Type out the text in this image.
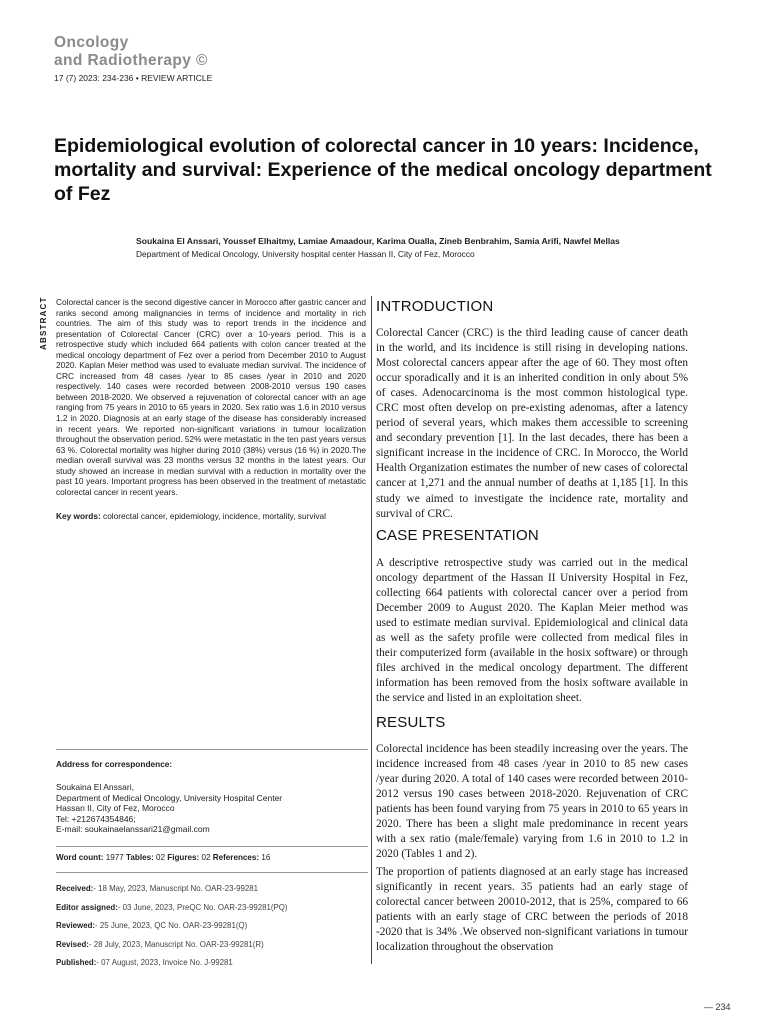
Oncology
and Radiotherapy ©
17 (7) 2023: 234-236 • REVIEW ARTICLE
Epidemiological evolution of colorectal cancer in 10 years: Incidence, mortality and survival: Experience of the medical oncology department of Fez
Soukaina El Anssari, Youssef Elhaitmy, Lamiae Amaadour, Karima Oualla, Zineb Benbrahim, Samia Arifi, Nawfel Mellas
Department of Medical Oncology, University hospital center Hassan II, City of Fez, Morocco
ABSTRACT Colorectal cancer is the second digestive cancer in Morocco after gastric cancer and ranks second among malignancies in terms of incidence and mortality in rich countries. The aim of this study was to report trends in the incidence and presentation of Colorectal Cancer (CRC) over a 10-years period. This is a retrospective study which included 664 patients with colon cancer treated at the medical oncology department of Fez over a period from December 2010 to August 2020. Kaplan Meier method was used to evaluate median survival. The incidence of CRC increased from 48 cases /year to 85 cases /year in 2010 and 2020 respectively. 140 cases were recorded between 2008-2010 versus 190 cases between 2018-2020. We observed a rejuvenation of colorectal cancer with an age ranging from 75 years in 2010 to 65 years in 2020. Sex ratio was 1.6 in 2010 versus 1.2 in 2020. Diagnosis at an early stage of the disease has considerably increased in recent years. We reported non-significant variations in tumour localization throughout the observation period. 52% were metastatic in the ten past years versus 63 %. Colorectal mortality was higher during 2010 (38%) versus (16 %) in 2020.The median overall survival was 23 months versus 32 months in the latest years. Our study showed an increase in median survival with a reduction in mortality over the past 10 years. Important progress has been observed in the treatment of metastatic colorectal cancer in recent years.

Key words: colorectal cancer, epidemiology, incidence, mortality, survival
Address for correspondence:
Soukaina El Anssari,
Department of Medical Oncology, University Hospital Center
Hassan II, City of Fez, Morocco
Tel: +212674354846;
E-mail: soukainaelanssari21@gmail.com
Word count: 1977 Tables: 02 Figures: 02 References: 16
Received:- 18 May, 2023, Manuscript No. OAR-23-99281
Editor assigned:- 03 June, 2023, PreQC No. OAR-23-99281(PQ)
Reviewed:- 25 June, 2023, QC No. OAR-23-99281(Q)
Revised:- 28 July, 2023, Manuscript No. OAR-23-99281(R)
Published:- 07 August, 2023, Invoice No. J-99281
INTRODUCTION

Colorectal Cancer (CRC) is the third leading cause of cancer death in the world, and its incidence is still rising in developing nations. Most colorectal cancers appear after the age of 60. They most often occur sporadically and it is an inherited condition in only about 5% of cases. Adenocarcinoma is the most common histological type. CRC most often develop on pre-existing adenomas, after a latency period of several years, which makes them accessible to screening and secondary prevention [1]. In the last decades, there has been a significant increase in the incidence of CRC. In Morocco, the World Health Organization estimates the number of new cases of colorectal cancer at 1,271 and the annual number of deaths at 1,185 [1]. In this study we aimed to investigate the incidence rate, mortality and survival of CRC.

CASE PRESENTATION

A descriptive retrospective study was carried out in the medical oncology department of the Hassan II University Hospital in Fez, collecting 664 patients with colorectal cancer over a period from December 2009 to August 2020. The Kaplan Meier method was used to estimate median survival. Epidemiological and clinical data as well as the safety profile were collected from medical files in their computerized form (available in the hosix software) or through files archived in the medical oncology department. The different information has been removed from the hosix software available in the service and listed in an exploitation sheet.

RESULTS

Colorectal incidence has been steadily increasing over the years. The incidence increased from 48 cases /year in 2010 to 85 new cases /year during 2020. A total of 140 cases were recorded between 2010-2012 versus 190 cases between 2018-2020. Rejuvenation of CRC patients has been found varying from 75 years in 2010 to 65 years in 2020. There has been a slight male predominance in recent years with a sex ratio (male/female) varying from 1.6 in 2010 to 1.2 in 2020 (Tables 1 and 2).

The proportion of patients diagnosed at an early stage has increased significantly in recent years. 35 patients had an early stage of colorectal cancer between 20010-2012, that is 25%, compared to 66 patients with an early stage of CRC between the periods of 2018 -2020 that is 34% .We observed non-significant variations in tumour localization throughout the observation

— 234
